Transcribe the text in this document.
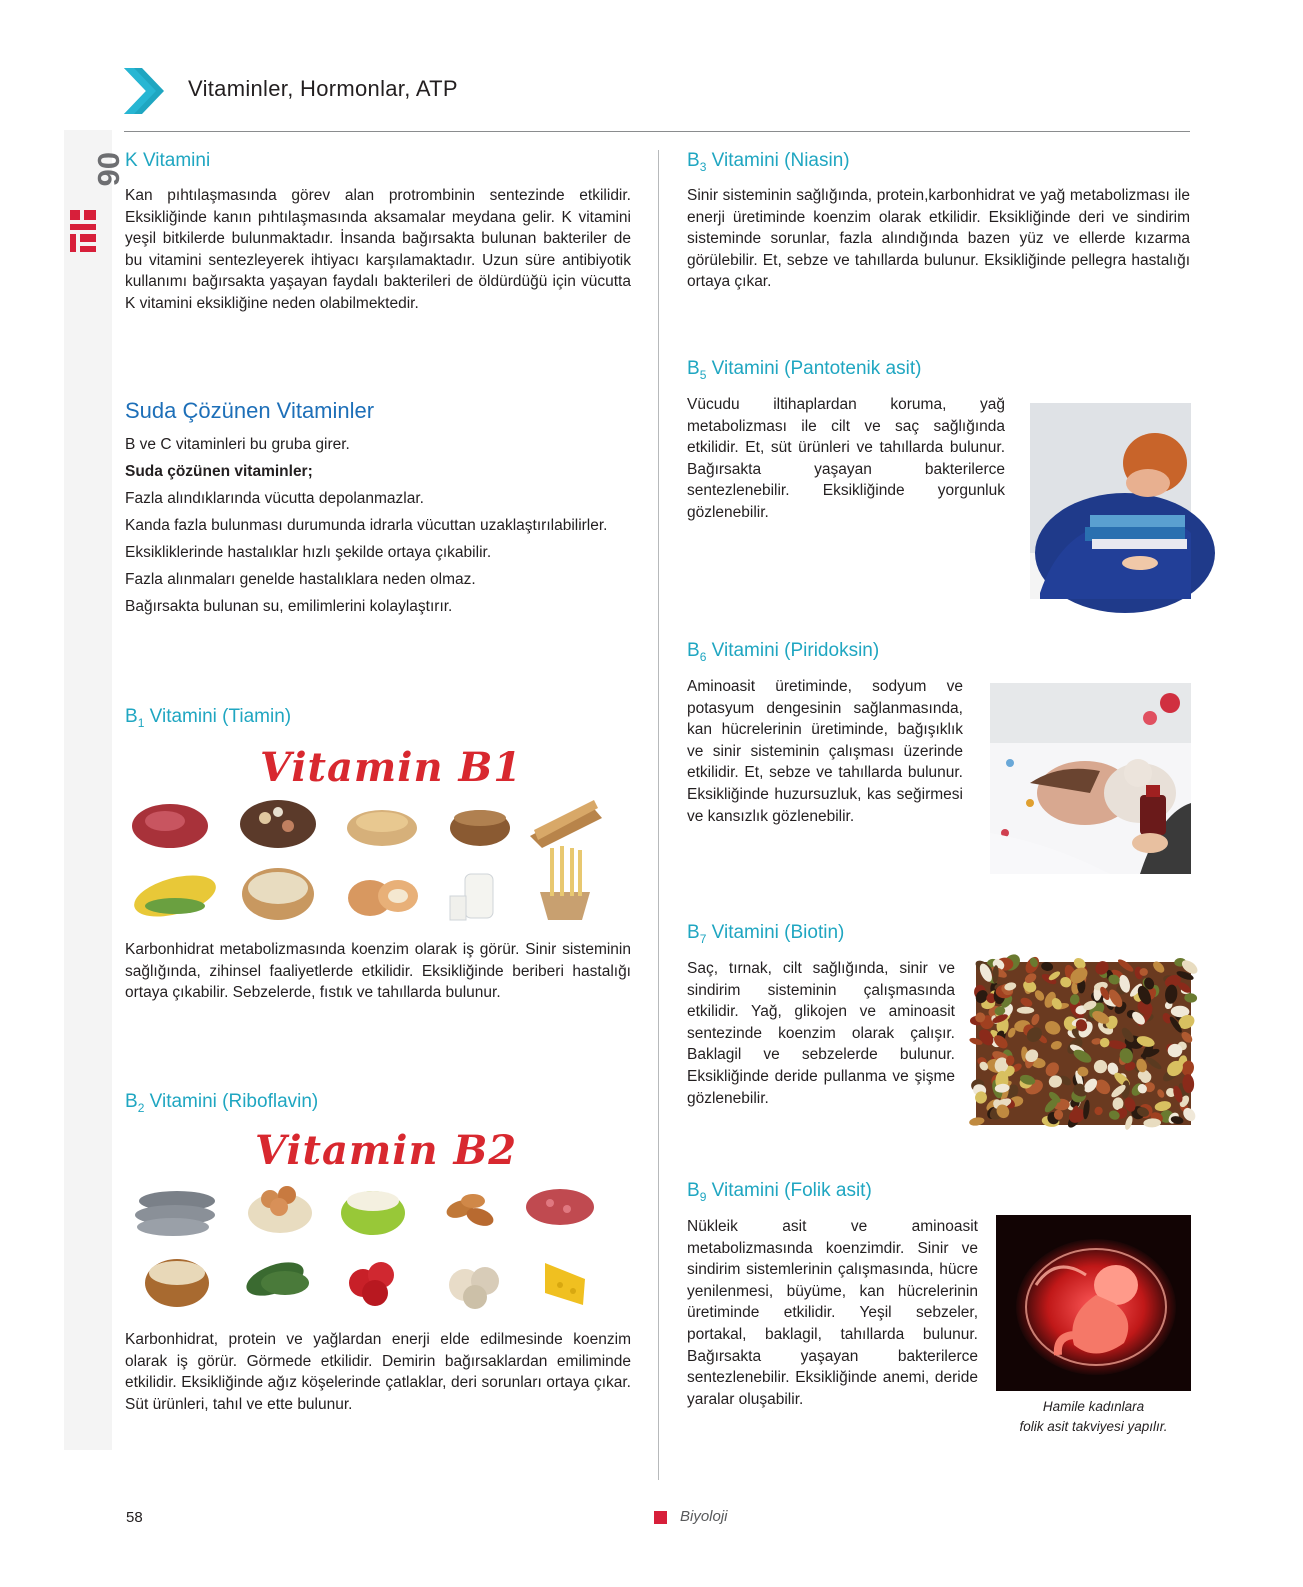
06
Vitaminler, Hormonlar, ATP
K Vitamini
Kan pıhtılaşmasında görev alan protrombinin sentezinde etkilidir. Eksikliğinde kanın pıhtılaşmasında aksamalar meydana gelir. K vitamini yeşil bitkilerde bulunmaktadır. İnsanda bağırsakta bulunan bakteriler de bu vitamini sentezleyerek ihtiyacı karşılamaktadır. Uzun süre antibiyotik kullanımı bağırsakta yaşayan faydalı bakterileri de öldürdüğü için vücutta K vitamini eksikliğine neden olabilmektedir.
Suda Çözünen Vitaminler

B ve C vitaminleri bu gruba girer.

Suda çözünen vitaminler;

Fazla alındıklarında vücutta depolanmazlar.

Kanda fazla bulunması durumunda idrarla vücuttan uzaklaştırılabilirler.

Eksikliklerinde hastalıklar hızlı şekilde ortaya çıkabilir.

Fazla alınmaları genelde hastalıklara neden olmaz.

Bağırsakta bulunan su, emilimlerini kolaylaştırır.

$B_1$ Vitamini (Tiamin)
Vitamin B1
Karbonhidrat metabolizmasında koenzim olarak iş görür. Sinir sisteminin sağlığında, zihinsel faaliyetlerde etkilidir. Eksikliğinde beriberi hastalığı ortaya çıkabilir. Sebzelerde, fıstık ve tahıllarda bulunur.
$B_2$ Vitamini (Riboflavin)
Vitamin B2
Karbonhidrat, protein ve yağlardan enerji elde edilmesinde koenzim olarak iş görür. Görmede etkilidir. Demirin bağırsaklardan emiliminde etkilidir. Eksikliğinde ağız köşelerinde çatlaklar, deri sorunları ortaya çıkar. Süt ürünleri, tahıl ve ette bulunur.
$B_3$ Vitamini (Niasin)
Sinir sisteminin sağlığında, protein,karbonhidrat ve yağ metabolizması ile enerji üretiminde koenzim olarak etkilidir. Eksikliğinde deri ve sindirim sisteminde sorunlar, fazla alındığında bazen yüz ve ellerde kızarma görülebilir. Et, sebze ve tahıllarda bulunur. Eksikliğinde pellegra hastalığı ortaya çıkar.
$B_5$ Vitamini (Pantotenik asit)
Vücudu iltihaplardan koruma, yağ metabolizması ile cilt ve saç sağlığında etkilidir. Et, süt ürünleri ve tahıllarda bulunur. Bağırsakta yaşayan bakterilerce sentezlenebilir. Eksikliğinde yorgunluk gözlenebilir.
$B_6$ Vitamini (Piridoksin)
Aminoasit üretiminde, sodyum ve potasyum dengesinin sağlanmasında, kan hücrelerinin üretiminde, bağışıklık ve sinir sisteminin çalışması üzerinde etkilidir. Et, sebze ve tahıllarda bulunur. Eksikliğinde huzursuzluk, kas seğirmesi ve kansızlık gözlenebilir.
$B_7$ Vitamini (Biotin)
Saç, tırnak, cilt sağlığında, sinir ve sindirim sisteminin çalışmasında etkilidir. Yağ, glikojen ve aminoasit sentezinde koenzim olarak çalışır. Baklagil ve sebzelerde bulunur. Eksikliğinde deride pullanma ve şişme gözlenebilir.
$B_9$ Vitamini (Folik asit)
Nükleik asit ve aminoasit metabolizmasında koenzimdir. Sinir ve sindirim sistemlerinin çalışmasında, hücre yenilenmesi, büyüme, kan hücrelerinin üretiminde etkilidir. Yeşil sebzeler, portakal, baklagil, tahıllarda bulunur. Bağırsakta yaşayan bakterilerce sentezlenebilir. Eksikliğinde anemi, deride yaralar oluşabilir.	Hamile kadınlara
folik asit takviyesi yapılır.
58	Biyoloji
